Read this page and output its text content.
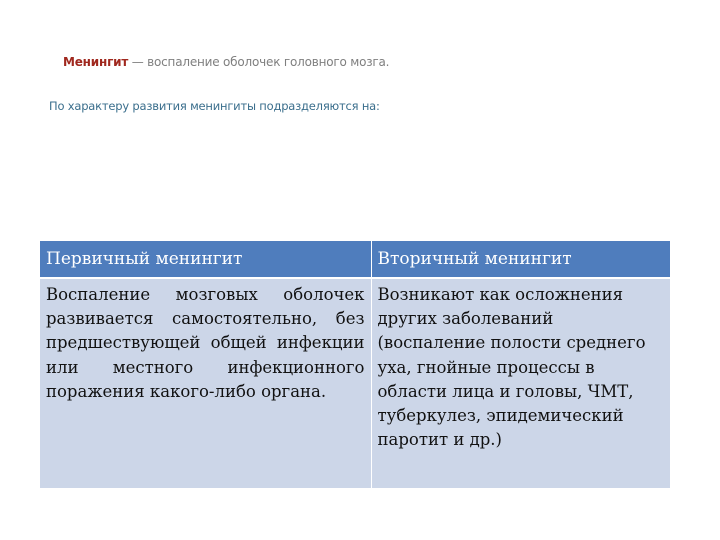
Менингит — воспаление оболочек головного мозга.
По характеру развития менингиты подразделяются на:
Первичный менингит	Вторичный менингит
Воспаление мозговых оболочек развивается самостоятельно, без предшествующей общей инфекции или местного инфекционного поражения какого-либо органа.	Возникают как осложнения других заболеваний (воспаление полости среднего уха, гнойные процессы в области лица и головы, ЧМТ, туберкулез, эпидемический паротит и др.)
